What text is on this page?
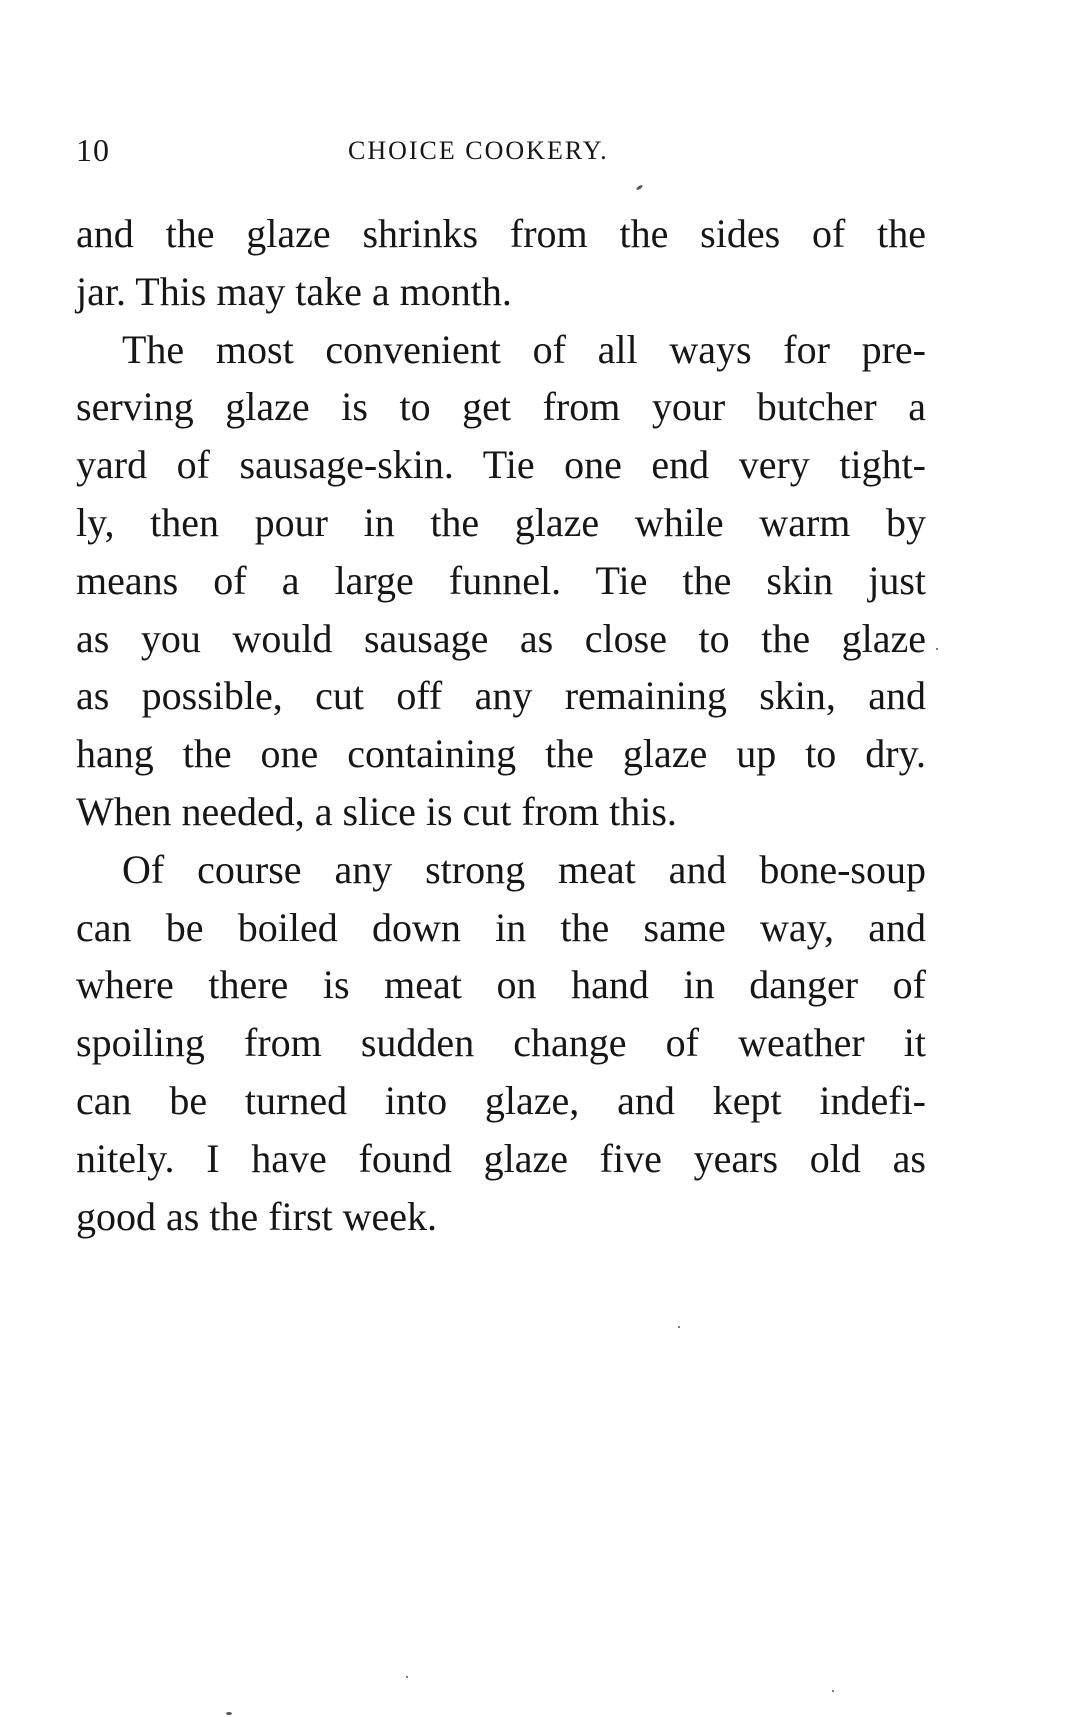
10	CHOICE COOKERY.
and the glaze shrinks from the sides of the
jar. This may take a month.
The most convenient of all ways for pre-
serving glaze is to get from your butcher a
yard of sausage-skin. Tie one end very tight-
ly, then pour in the glaze while warm by
means of a large funnel. Tie the skin just
as you would sausage as close to the glaze
as possible, cut off any remaining skin, and
hang the one containing the glaze up to dry.
When needed, a slice is cut from this.
Of course any strong meat and bone-soup
can be boiled down in the same way, and
where there is meat on hand in danger of
spoiling from sudden change of weather it
can be turned into glaze, and kept indefi-
nitely. I have found glaze five years old as
good as the first week.
